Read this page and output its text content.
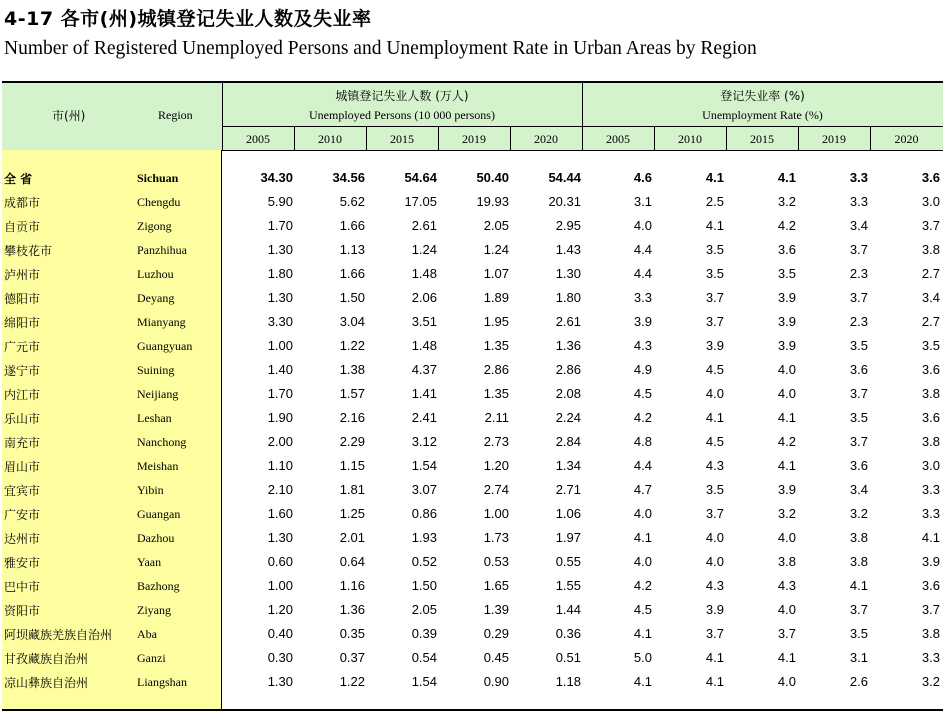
4-17 各市(州)城镇登记失业人数及失业率
Number of Registered Unemployed Persons and Unemployment Rate in Urban Areas by Region
市(州)	Region
城镇登记失业人数 (万人)
Unemployed Persons (10 000 persons)
登记失业率 (%)
Unemployment Rate (%)
2005	2010	2015	2019	2020	2005	2010	2015	2019	2020
全 省	Sichuan	34.30	34.56	54.64	50.40	54.44	4.6	4.1	4.1	3.3	3.6
成都市	Chengdu	5.90	5.62	17.05	19.93	20.31	3.1	2.5	3.2	3.3	3.0
自贡市	Zigong	1.70	1.66	2.61	2.05	2.95	4.0	4.1	4.2	3.4	3.7
攀枝花市	Panzhihua	1.30	1.13	1.24	1.24	1.43	4.4	3.5	3.6	3.7	3.8
泸州市	Luzhou	1.80	1.66	1.48	1.07	1.30	4.4	3.5	3.5	2.3	2.7
德阳市	Deyang	1.30	1.50	2.06	1.89	1.80	3.3	3.7	3.9	3.7	3.4
绵阳市	Mianyang	3.30	3.04	3.51	1.95	2.61	3.9	3.7	3.9	2.3	2.7
广元市	Guangyuan	1.00	1.22	1.48	1.35	1.36	4.3	3.9	3.9	3.5	3.5
遂宁市	Suining	1.40	1.38	4.37	2.86	2.86	4.9	4.5	4.0	3.6	3.6
内江市	Neijiang	1.70	1.57	1.41	1.35	2.08	4.5	4.0	4.0	3.7	3.8
乐山市	Leshan	1.90	2.16	2.41	2.11	2.24	4.2	4.1	4.1	3.5	3.6
南充市	Nanchong	2.00	2.29	3.12	2.73	2.84	4.8	4.5	4.2	3.7	3.8
眉山市	Meishan	1.10	1.15	1.54	1.20	1.34	4.4	4.3	4.1	3.6	3.0
宜宾市	Yibin	2.10	1.81	3.07	2.74	2.71	4.7	3.5	3.9	3.4	3.3
广安市	Guangan	1.60	1.25	0.86	1.00	1.06	4.0	3.7	3.2	3.2	3.3
达州市	Dazhou	1.30	2.01	1.93	1.73	1.97	4.1	4.0	4.0	3.8	4.1
雅安市	Yaan	0.60	0.64	0.52	0.53	0.55	4.0	4.0	3.8	3.8	3.9
巴中市	Bazhong	1.00	1.16	1.50	1.65	1.55	4.2	4.3	4.3	4.1	3.6
资阳市	Ziyang	1.20	1.36	2.05	1.39	1.44	4.5	3.9	4.0	3.7	3.7
阿坝藏族羌族自治州 Aba	0.40	0.35	0.39	0.29	0.36	4.1	3.7	3.7	3.5	3.8
甘孜藏族自治州	Ganzi	0.30	0.37	0.54	0.45	0.51	5.0	4.1	4.1	3.1	3.3
凉山彝族自治州	Liangshan	1.30	1.22	1.54	0.90	1.18	4.1	4.1	4.0	2.6	3.2
